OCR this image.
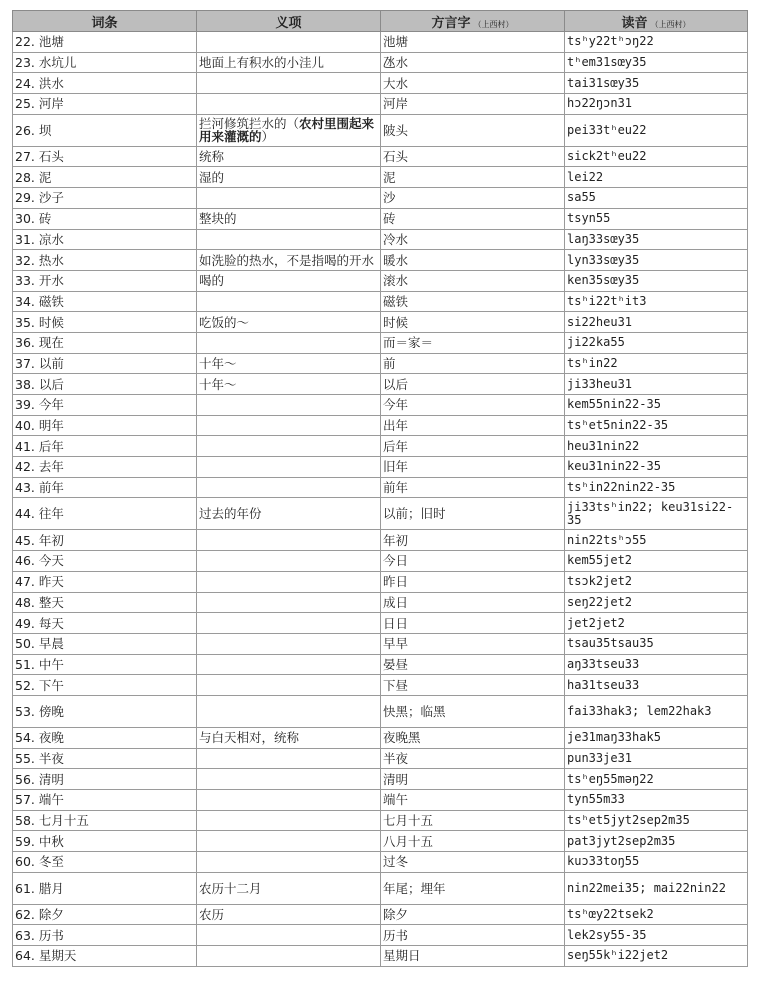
词条	义项	方言字 （上西村）	读音 （上西村）
22. 池塘		池塘	tsʰy22tʰɔŋ22
23. 水坑儿	地面上有积水的小洼儿	氹水	tʰem31sœy35
24. 洪水		大水	tai31sœy35
25. 河岸		河岸	hɔ22ŋɔn31
26. 坝	拦河修筑拦水的（农村里围起来用来灌溉的）	陂头	pei33tʰeu22
27. 石头	统称	石头	sick2tʰeu22
28. 泥	湿的	泥	lei22
29. 沙子		沙	sa55
30. 砖	整块的	砖	tsyn55
31. 凉水		冷水	laŋ33sœy35
32. 热水	如洗脸的热水，不是指喝的开水	暖水	lyn33sœy35
33. 开水	喝的	滚水	ken35sœy35
34. 磁铁		磁铁	tsʰi22tʰit3
35. 时候	吃饭的～	时候	si22heu31
36. 现在		而＝家＝	ji22ka55
37. 以前	十年～	前	tsʰin22
38. 以后	十年～	以后	ji33heu31
39. 今年		今年	kem55nin22-35
40. 明年		出年	tsʰet5nin22-35
41. 后年		后年	heu31nin22
42. 去年		旧年	keu31nin22-35
43. 前年		前年	tsʰin22nin22-35
44. 往年	过去的年份	以前；旧时	ji33tsʰin22; keu31si22-35
45. 年初		年初	nin22tsʰɔ55
46. 今天		今日	kem55jet2
47. 昨天		昨日	tsɔk2jet2
48. 整天		成日	seŋ22jet2
49. 每天		日日	jet2jet2
50. 早晨		早早	tsau35tsau35
51. 中午		晏昼	aŋ33tseu33
52. 下午		下昼	ha31tseu33
53. 傍晚		快黑；临黑	fai33hak3; lem22hak3
54. 夜晚	与白天相对，统称	夜晚黑	je31maŋ33hak5
55. 半夜		半夜	pun33je31
56. 清明		清明	tsʰeŋ55məŋ22
57. 端午		端午	tyn55m33
58. 七月十五		七月十五	tsʰet5jyt2sep2m35
59. 中秋		八月十五	pat3jyt2sep2m35
60. 冬至		过冬	kuɔ33toŋ55
61. 腊月	农历十二月	年尾；埋年	nin22mei35; mai22nin22
62. 除夕	农历	除夕	tsʰœy22tsek2
63. 历书		历书	lek2sy55-35
64. 星期天		星期日	seŋ55kʰi22jet2
